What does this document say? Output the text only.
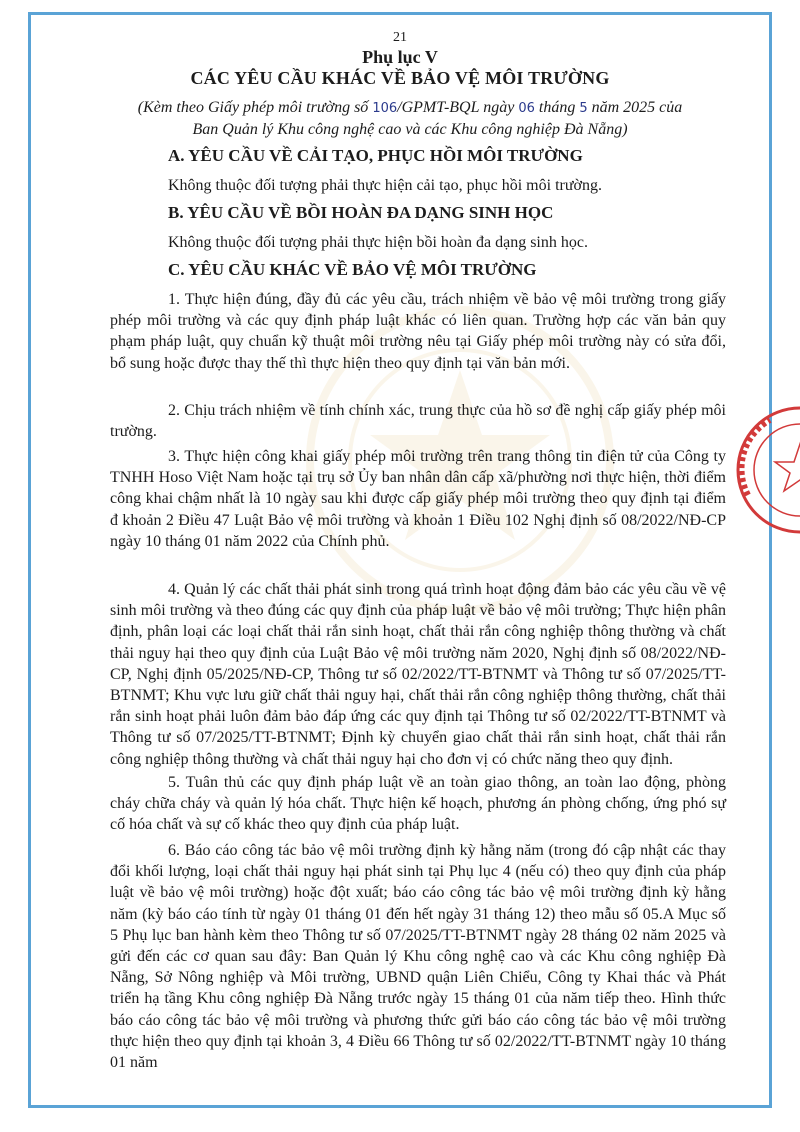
21
Phụ lục V
CÁC YÊU CẦU KHÁC VỀ BẢO VỆ MÔI TRƯỜNG
(Kèm theo Giấy phép môi trường số 106/GPMT-BQL ngày 06 tháng 5 năm 2025 của
Ban Quản lý Khu công nghệ cao và các Khu công nghiệp Đà Nẵng)
A. YÊU CẦU VỀ CẢI TẠO, PHỤC HỒI MÔI TRƯỜNG
Không thuộc đối tượng phải thực hiện cải tạo, phục hồi môi trường.
B. YÊU CẦU VỀ BỒI HOÀN ĐA DẠNG SINH HỌC
Không thuộc đối tượng phải thực hiện bồi hoàn đa dạng sinh học.
C. YÊU CẦU KHÁC VỀ BẢO VỆ MÔI TRƯỜNG
1. Thực hiện đúng, đầy đủ các yêu cầu, trách nhiệm về bảo vệ môi trường trong giấy phép môi trường và các quy định pháp luật khác có liên quan. Trường hợp các văn bản quy phạm pháp luật, quy chuẩn kỹ thuật môi trường nêu tại Giấy phép môi trường này có sửa đổi, bổ sung hoặc được thay thế thì thực hiện theo quy định tại văn bản mới.
2. Chịu trách nhiệm về tính chính xác, trung thực của hồ sơ đề nghị cấp giấy phép môi trường.
3. Thực hiện công khai giấy phép môi trường trên trang thông tin điện tử của Công ty TNHH Hoso Việt Nam hoặc tại trụ sở Ủy ban nhân dân cấp xã/phường nơi thực hiện, thời điểm công khai chậm nhất là 10 ngày sau khi được cấp giấy phép môi trường theo quy định tại điểm đ khoản 2 Điều 47 Luật Bảo vệ môi trường và khoản 1 Điều 102 Nghị định số 08/2022/NĐ-CP ngày 10 tháng 01 năm 2022 của Chính phủ.
4. Quản lý các chất thải phát sinh trong quá trình hoạt động đảm bảo các yêu cầu về vệ sinh môi trường và theo đúng các quy định của pháp luật về bảo vệ môi trường; Thực hiện phân định, phân loại các loại chất thải rắn sinh hoạt, chất thải rắn công nghiệp thông thường và chất thải nguy hại theo quy định của Luật Bảo vệ môi trường năm 2020, Nghị định số 08/2022/NĐ-CP, Nghị định 05/2025/NĐ-CP, Thông tư số 02/2022/TT-BTNMT và Thông tư số 07/2025/TT-BTNMT; Khu vực lưu giữ chất thải nguy hại, chất thải rắn công nghiệp thông thường, chất thải rắn sinh hoạt phải luôn đảm bảo đáp ứng các quy định tại Thông tư số 02/2022/TT-BTNMT và Thông tư số 07/2025/TT-BTNMT; Định kỳ chuyển giao chất thải rắn sinh hoạt, chất thải rắn công nghiệp thông thường và chất thải nguy hại cho đơn vị có chức năng theo quy định.
5. Tuân thủ các quy định pháp luật về an toàn giao thông, an toàn lao động, phòng cháy chữa cháy và quản lý hóa chất. Thực hiện kế hoạch, phương án phòng chống, ứng phó sự cố hóa chất và sự cố khác theo quy định của pháp luật.
6. Báo cáo công tác bảo vệ môi trường định kỳ hằng năm (trong đó cập nhật các thay đổi khối lượng, loại chất thải nguy hại phát sinh tại Phụ lục 4 (nếu có) theo quy định của pháp luật về bảo vệ môi trường) hoặc đột xuất; báo cáo công tác bảo vệ môi trường định kỳ hằng năm (kỳ báo cáo tính từ ngày 01 tháng 01 đến hết ngày 31 tháng 12) theo mẫu số 05.A Mục số 5 Phụ lục ban hành kèm theo Thông tư số 07/2025/TT-BTNMT ngày 28 tháng 02 năm 2025 và gửi đến các cơ quan sau đây: Ban Quản lý Khu công nghệ cao và các Khu công nghiệp Đà Nẵng, Sở Nông nghiệp và Môi trường, UBND quận Liên Chiểu, Công ty Khai thác và Phát triển hạ tầng Khu công nghiệp Đà Nẵng trước ngày 15 tháng 01 của năm tiếp theo. Hình thức báo cáo công tác bảo vệ môi trường và phương thức gửi báo cáo công tác bảo vệ môi trường thực hiện theo quy định tại khoản 3, 4 Điều 66 Thông tư số 02/2022/TT-BTNMT ngày 10 tháng 01 năm
